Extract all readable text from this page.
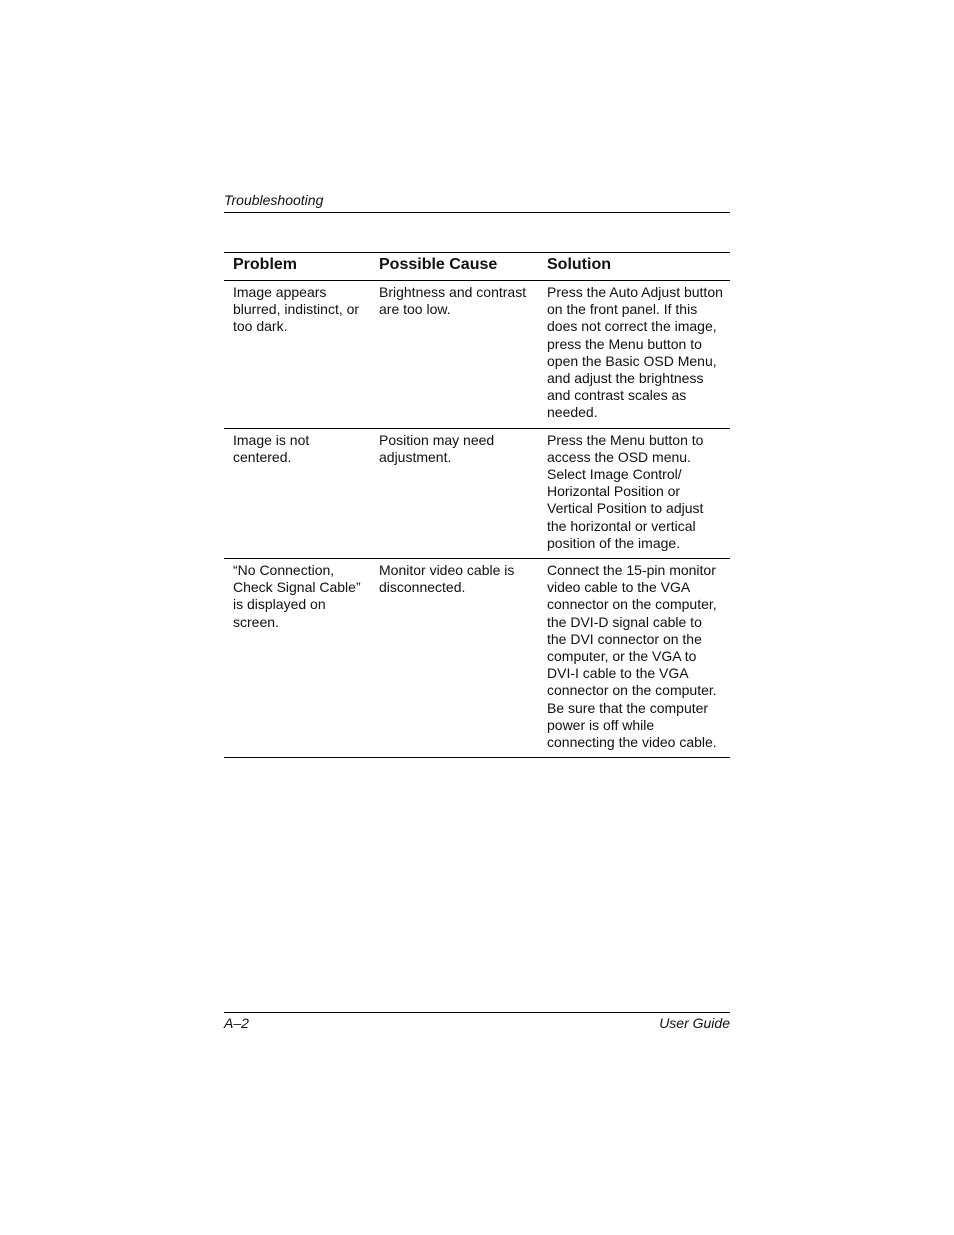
Troubleshooting
Problem	Possible Cause	Solution
Image appears blurred, indistinct, or too dark.	Brightness and contrast are too low.	Press the Auto Adjust button on the front panel. If this does not correct the image, press the Menu button to open the Basic OSD Menu, and adjust the brightness and contrast scales as needed.
Image is not centered.	Position may need adjustment.	Press the Menu button to access the OSD menu. Select Image Control/ Horizontal Position or Vertical Position to adjust the horizontal or vertical position of the image.
“No Connection, Check Signal Cable” is displayed on screen.	Monitor video cable is disconnected.	Connect the 15-pin monitor video cable to the VGA connector on the computer, the DVI-D signal cable to the DVI connector on the computer, or the VGA to DVI-I cable to the VGA connector on the computer. Be sure that the computer power is off while connecting the video cable.
A–2	User Guide
